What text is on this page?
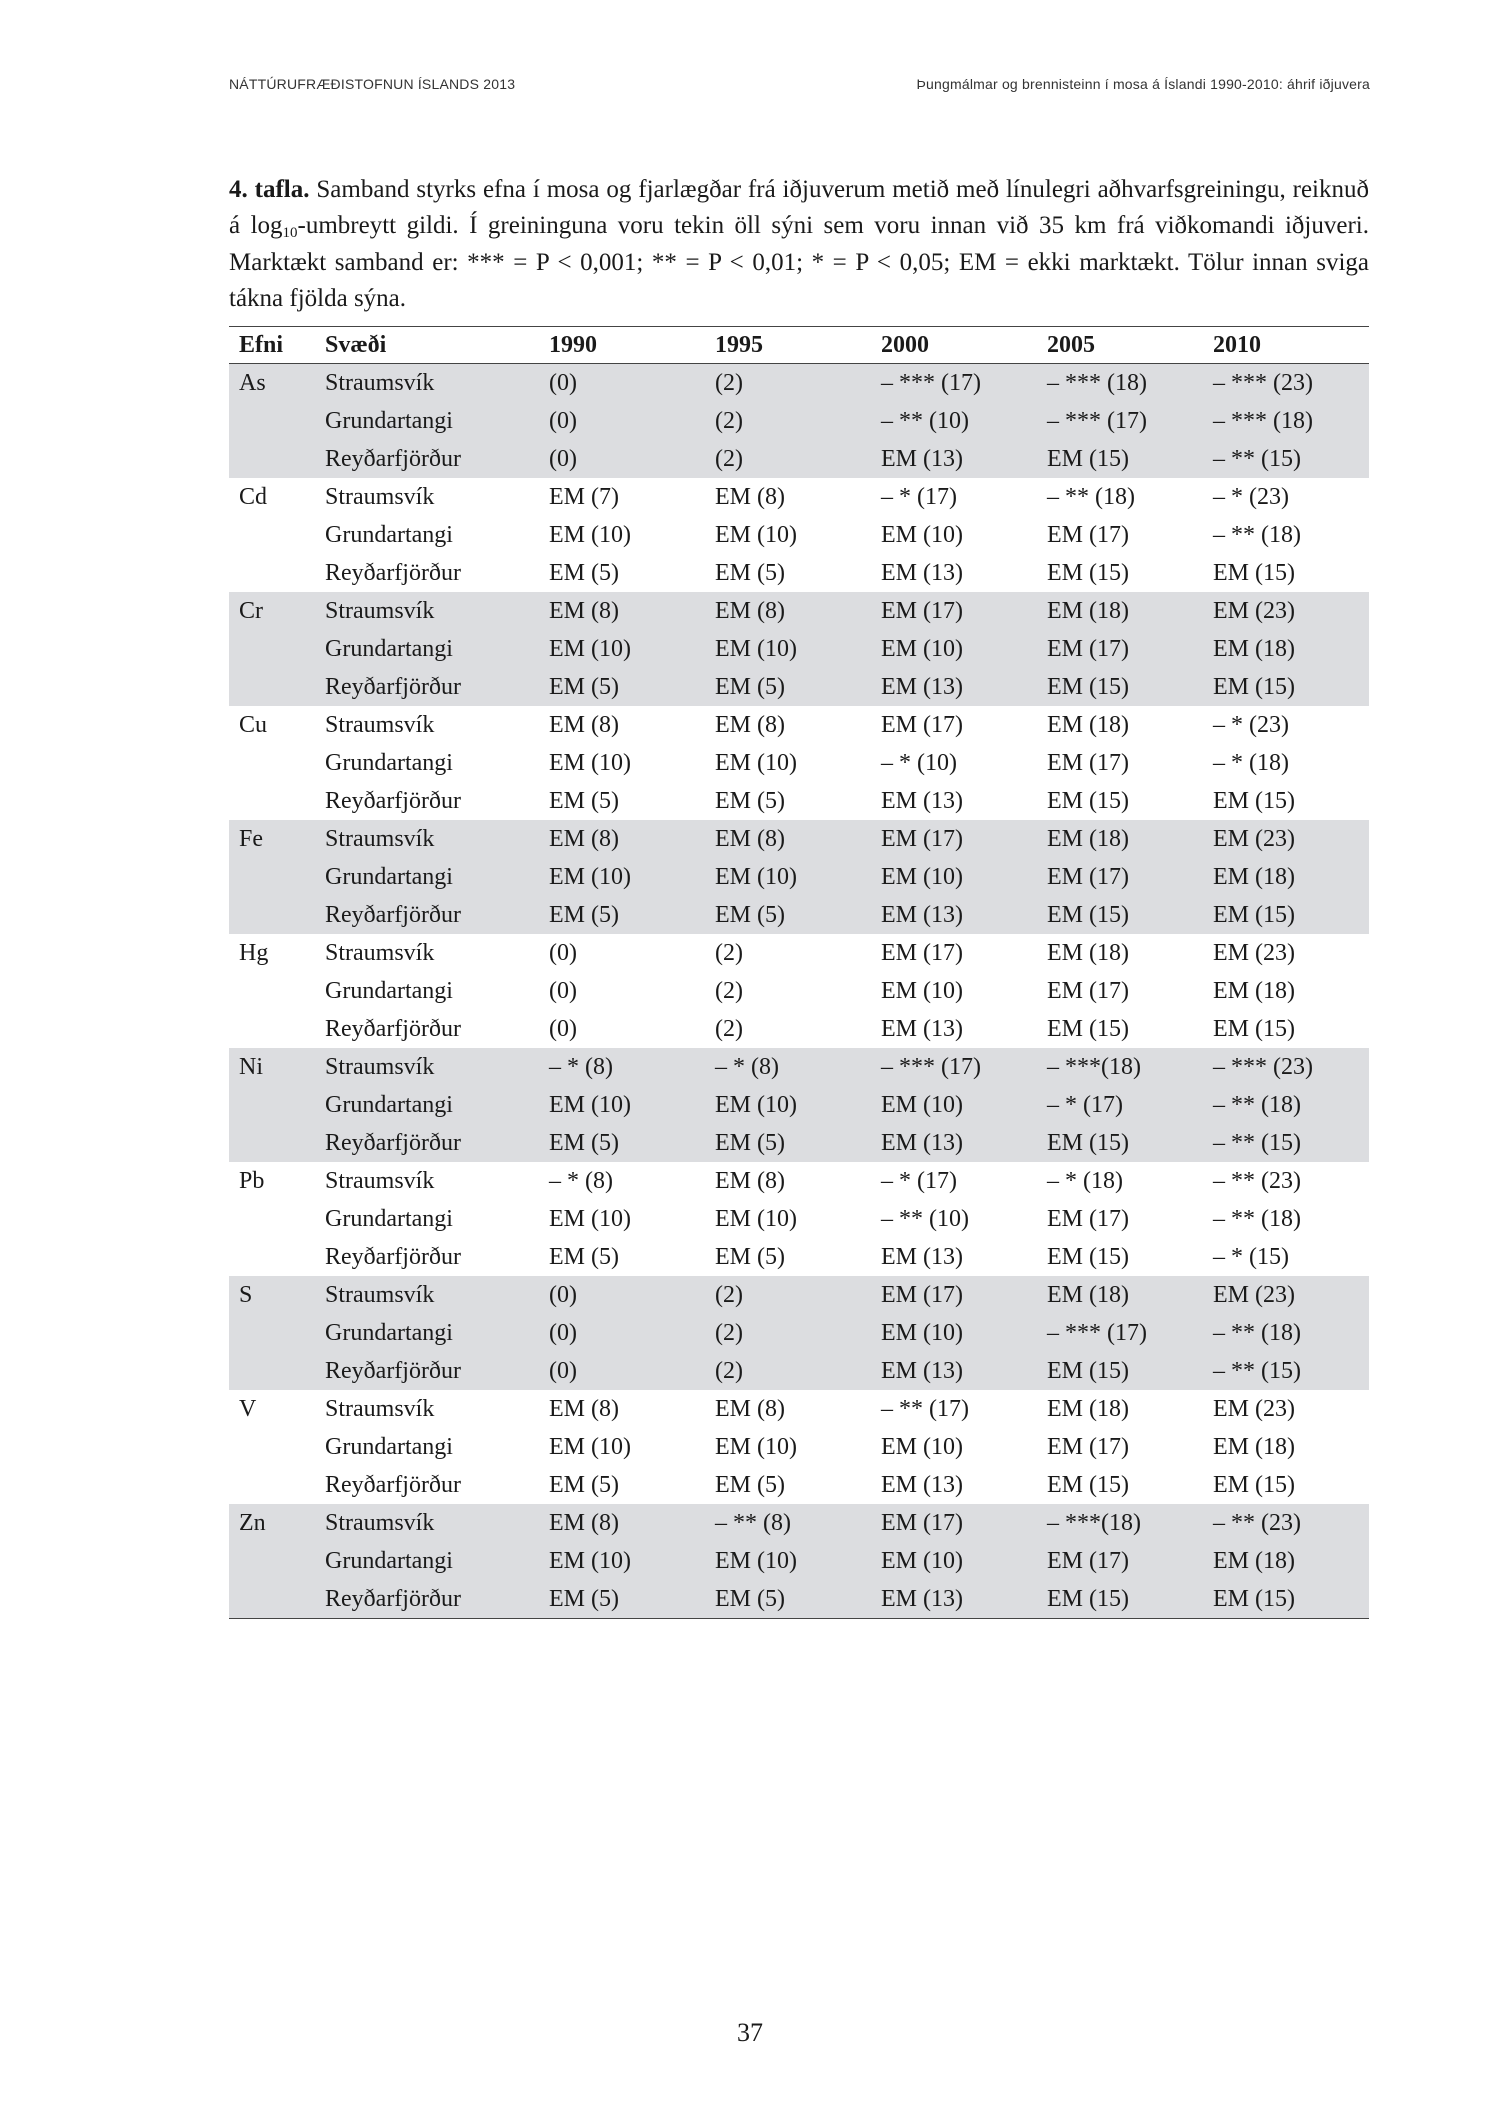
NÁTTÚRUFRÆÐISTOFNUN ÍSLANDS 2013	Þungmálmar og brennisteinn í mosa á Íslandi 1990-2010: áhrif iðjuvera
4. tafla. Samband styrks efna í mosa og fjarlægðar frá iðjuverum metið með línulegri aðhvarfsgreiningu, reiknuð á $\log_{10}$-umbreytt gildi. Í greininguna voru tekin öll sýni sem voru innan við 35 km frá viðkomandi iðjuveri. Marktækt samband er: *** = P < 0,001; ** = P < 0,01; * = P < 0,05; EM = ekki marktækt. Tölur innan sviga tákna fjölda sýna.
Efni	Svæði	1990	1995	2000	2005	2010
As	Straumsvík	(0)	(2)	– *** (17)	– *** (18)	– *** (23)
	Grundartangi	(0)	(2)	– ** (10)	– *** (17)	– *** (18)
	Reyðarfjörður	(0)	(2)	EM (13)	EM (15)	– ** (15)
Cd	Straumsvík	EM (7)	EM (8)	– * (17)	– ** (18)	– * (23)
	Grundartangi	EM (10)	EM (10)	EM (10)	EM (17)	– ** (18)
	Reyðarfjörður	EM (5)	EM (5)	EM (13)	EM (15)	EM (15)
Cr	Straumsvík	EM (8)	EM (8)	EM (17)	EM (18)	EM (23)
	Grundartangi	EM (10)	EM (10)	EM (10)	EM (17)	EM (18)
	Reyðarfjörður	EM (5)	EM (5)	EM (13)	EM (15)	EM (15)
Cu	Straumsvík	EM (8)	EM (8)	EM (17)	EM (18)	– * (23)
	Grundartangi	EM (10)	EM (10)	– * (10)	EM (17)	– * (18)
	Reyðarfjörður	EM (5)	EM (5)	EM (13)	EM (15)	EM (15)
Fe	Straumsvík	EM (8)	EM (8)	EM (17)	EM (18)	EM (23)
	Grundartangi	EM (10)	EM (10)	EM (10)	EM (17)	EM (18)
	Reyðarfjörður	EM (5)	EM (5)	EM (13)	EM (15)	EM (15)
Hg	Straumsvík	(0)	(2)	EM (17)	EM (18)	EM (23)
	Grundartangi	(0)	(2)	EM (10)	EM (17)	EM (18)
	Reyðarfjörður	(0)	(2)	EM (13)	EM (15)	EM (15)
Ni	Straumsvík	– * (8)	– * (8)	– *** (17)	– ***(18)	– *** (23)
	Grundartangi	EM (10)	EM (10)	EM (10)	– * (17)	– ** (18)
	Reyðarfjörður	EM (5)	EM (5)	EM (13)	EM (15)	– ** (15)
Pb	Straumsvík	– * (8)	EM (8)	– * (17)	– * (18)	– ** (23)
	Grundartangi	EM (10)	EM (10)	– ** (10)	EM (17)	– ** (18)
	Reyðarfjörður	EM (5)	EM (5)	EM (13)	EM (15)	– * (15)
S	Straumsvík	(0)	(2)	EM (17)	EM (18)	EM (23)
	Grundartangi	(0)	(2)	EM (10)	– *** (17)	– ** (18)
	Reyðarfjörður	(0)	(2)	EM (13)	EM (15)	– ** (15)
V	Straumsvík	EM (8)	EM (8)	– ** (17)	EM (18)	EM (23)
	Grundartangi	EM (10)	EM (10)	EM (10)	EM (17)	EM (18)
	Reyðarfjörður	EM (5)	EM (5)	EM (13)	EM (15)	EM (15)
Zn	Straumsvík	EM (8)	– ** (8)	EM (17)	– ***(18)	– ** (23)
	Grundartangi	EM (10)	EM (10)	EM (10)	EM (17)	EM (18)
	Reyðarfjörður	EM (5)	EM (5)	EM (13)	EM (15)	EM (15)
37
